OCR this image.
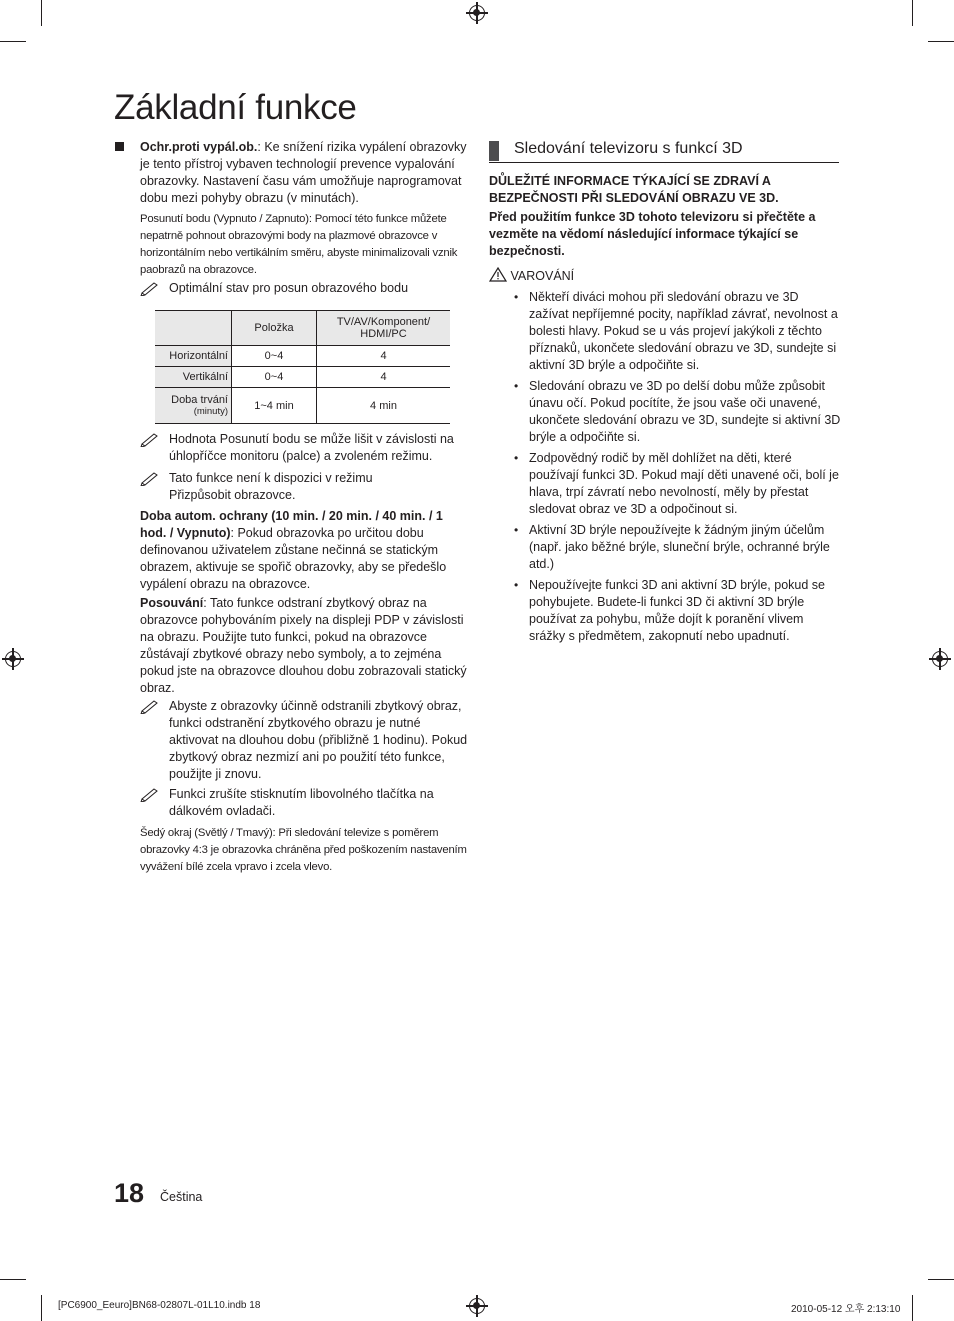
Základní funkce

Ochr.proti vypál.ob.: Ke snížení rizika vypálení obrazovky je tento přístroj vybaven technologií prevence vypalování obrazovky. Nastavení času vám umožňuje naprogramovat dobu mezi pohyby obrazu (v minutách).

Posunutí bodu (Vypnuto / Zapnuto): Pomocí této funkce můžete nepatrně pohnout obrazovými body na plazmové obrazovce v horizontálním nebo vertikálním směru, abyste minimalizovali vznik paobrazů na obrazovce.

Optimální stav pro posun obrazového bodu
	Položka	TV/AV/Komponent/ HDMI/PC
Horizontální	0~4	4
Vertikální	0~4	4

Doba trvání
(minuty)	1~4 min	4 min
Hodnota Posunutí bodu se může lišit v závislosti na úhlopříčce monitoru (palce) a zvoleném režimu.
Tato funkce není k dispozici v režimu
Přizpůsobit obrazovce.

Doba autom. ochrany (10 min. / 20 min. / 40 min. / 1 hod. / Vypnuto): Pokud obrazovka po určitou dobu definovanou uživatelem zůstane nečinná se statickým obrazem, aktivuje se spořič obrazovky, aby se předešlo vypálení obrazu na obrazovce.

Posouvání: Tato funkce odstraní zbytkový obraz na obrazovce pohybováním pixely na displeji PDP v závislosti na obrazu. Použijte tuto funkci, pokud na obrazovce zůstávají zbytkové obrazy nebo symboly, a to zejména pokud jste na obrazovce dlouhou dobu zobrazovali statický obraz.

Abyste z obrazovky účinně odstranili zbytkový obraz, funkci odstranění zbytkového obrazu je nutné aktivovat na dlouhou dobu (přibližně 1 hodinu). Pokud zbytkový obraz nezmizí ani po použití této funkce, použijte ji znovu.
Funkci zrušíte stisknutím libovolného tlačítka na dálkovém ovladači.

Šedý okraj (Světlý / Tmavý): Při sledování televize s poměrem obrazovky 4:3 je obrazovka chráněna před poškozením nastavením vyvážení bílé zcela vpravo i zcela vlevo.

Sledování televizoru s funkcí 3D
DŮLEŽITÉ INFORMACE TÝKAJÍCÍ SE ZDRAVÍ A BEZPEČNOSTI PŘI SLEDOVÁNÍ OBRAZU VE 3D.
Před použitím funkce 3D tohoto televizoru si přečtěte a vezměte na vědomí následující informace týkající se bezpečnosti.
VAROVÁNÍ
• Někteří diváci mohou při sledování obrazu ve 3D zažívat nepříjemné pocity, například závrať, nevolnost a bolesti hlavy. Pokud se u vás projeví jakýkoli z těchto příznaků, ukončete sledování obrazu ve 3D, sundejte si aktivní 3D brýle a odpočiňte si.
• Sledování obrazu ve 3D po delší dobu může způsobit únavu očí. Pokud pocítíte, že jsou vaše oči unavené, ukončete sledování obrazu ve 3D, sundejte si aktivní 3D brýle a odpočiňte si.
• Zodpovědný rodič by měl dohlížet na děti, které používají funkci 3D. Pokud mají děti unavené oči, bolí je hlava, trpí závratí nebo nevolností, měly by přestat sledovat obraz ve 3D a odpočinout si.
• Aktivní 3D brýle nepoužívejte k žádným jiným účelům (např. jako běžné brýle, sluneční brýle, ochranné brýle atd.)
• Nepoužívejte funkci 3D ani aktivní 3D brýle, pokud se pohybujete. Budete-li funkci 3D či aktivní 3D brýle používat za pohybu, může dojít k poranění vlivem srážky s předmětem, zakopnutí nebo upadnutí.
18 Čeština
[PC6900_Eeuro]BN68-02807L-01L10.indb 18	2010-05-12 오후 2:13:10
